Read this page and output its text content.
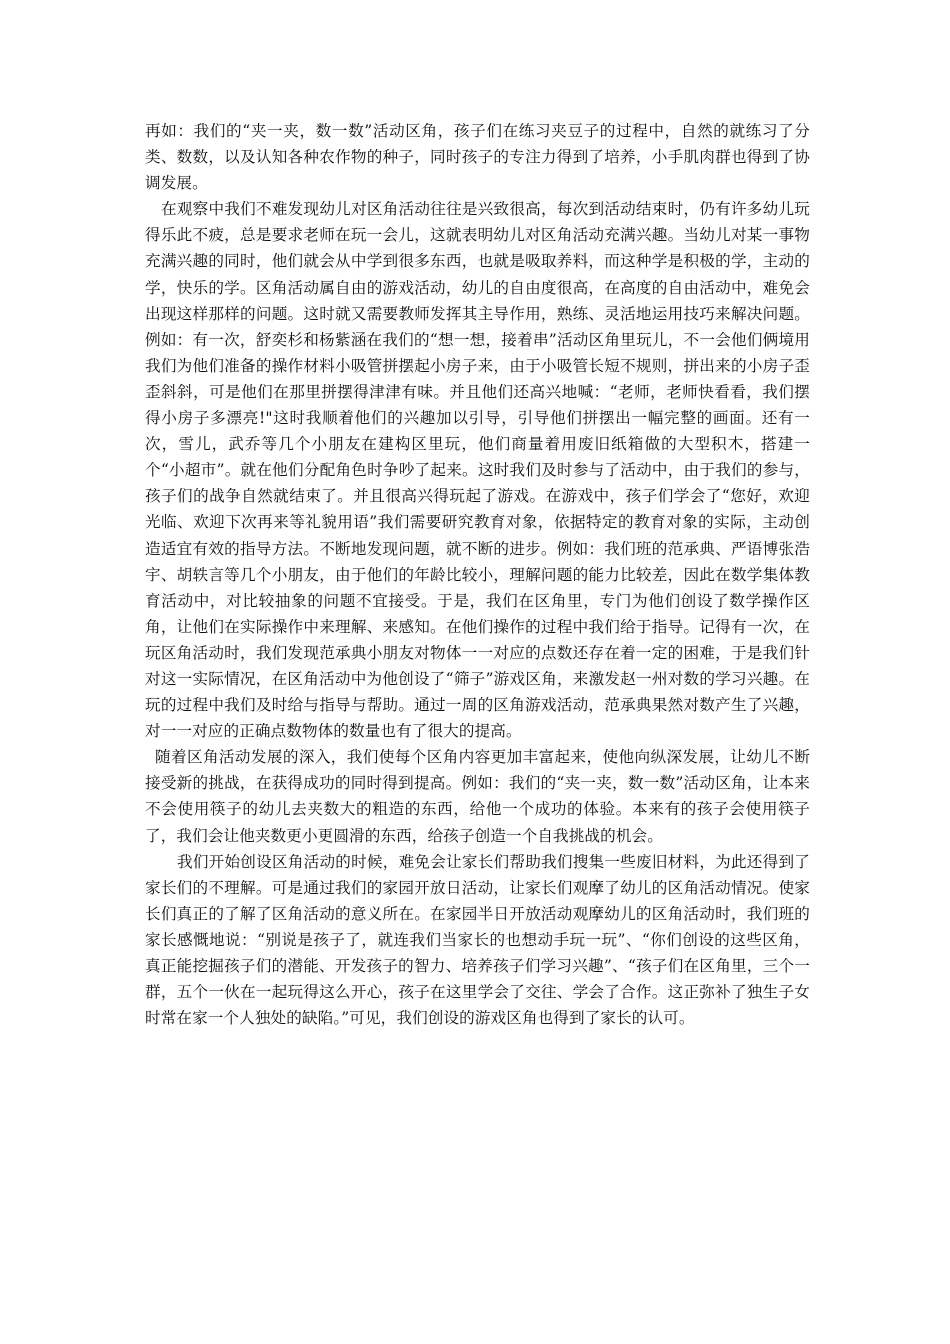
再如：我们的“夹一夹，数一数”活动区角，孩子们在练习夹豆子的过程中，自然的就练习了分类、数数，以及认知各种农作物的种子，同时孩子的专注力得到了培养，小手肌肉群也得到了协调发展。

在观察中我们不难发现幼儿对区角活动往往是兴致很高，每次到活动结束时，仍有许多幼儿玩得乐此不疲，总是要求老师在玩一会儿，这就表明幼儿对区角活动充满兴趣。当幼儿对某一事物充满兴趣的同时，他们就会从中学到很多东西，也就是吸取养料，而这种学是积极的学，主动的学，快乐的学。区角活动属自由的游戏活动，幼儿的自由度很高，在高度的自由活动中，难免会出现这样那样的问题。这时就又需要教师发挥其主导作用，熟练、灵活地运用技巧来解决问题。例如：有一次，舒奕杉和杨紫涵在我们的“想一想，接着串”活动区角里玩儿，不一会他们俩境用我们为他们准备的操作材料小吸管拼摆起小房子来，由于小吸管长短不规则，拼出来的小房子歪歪斜斜，可是他们在那里拼摆得津津有味。并且他们还高兴地喊：“老师，老师快看看，我们摆得小房子多漂亮!"这时我顺着他们的兴趣加以引导，引导他们拼摆出一幅完整的画面。还有一次，雪儿，武乔等几个小朋友在建构区里玩，他们商量着用废旧纸箱做的大型积木，搭建一个“小超市”。就在他们分配角色时争吵了起来。这时我们及时参与了活动中，由于我们的参与，孩子们的战争自然就结束了。并且很高兴得玩起了游戏。在游戏中，孩子们学会了“您好，欢迎光临、欢迎下次再来等礼貌用语”我们需要研究教育对象，依据特定的教育对象的实际，主动创造适宜有效的指导方法。不断地发现问题，就不断的进步。例如：我们班的范承典、严语博张浩宇、胡轶言等几个小朋友，由于他们的年龄比较小，理解问题的能力比较差，因此在数学集体教育活动中，对比较抽象的问题不宜接受。于是，我们在区角里，专门为他们创设了数学操作区角，让他们在实际操作中来理解、来感知。在他们操作的过程中我们给于指导。记得有一次，在玩区角活动时，我们发现范承典小朋友对物体一一对应的点数还存在着一定的困难，于是我们针对这一实际情况，在区角活动中为他创设了“筛子”游戏区角，来激发赵一州对数的学习兴趣。在玩的过程中我们及时给与指导与帮助。通过一周的区角游戏活动，范承典果然对数产生了兴趣，对一一对应的正确点数物体的数量也有了很大的提高。

随着区角活动发展的深入，我们使每个区角内容更加丰富起来，使他向纵深发展，让幼儿不断接受新的挑战，在获得成功的同时得到提高。例如：我们的“夹一夹，数一数”活动区角，让本来不会使用筷子的幼儿去夹数大的粗造的东西，给他一个成功的体验。本来有的孩子会使用筷子了，我们会让他夹数更小更圆滑的东西，给孩子创造一个自我挑战的机会。

我们开始创设区角活动的时候，难免会让家长们帮助我们搜集一些废旧材料，为此还得到了家长们的不理解。可是通过我们的家园开放日活动，让家长们观摩了幼儿的区角活动情况。使家长们真正的了解了区角活动的意义所在。在家园半日开放活动观摩幼儿的区角活动时，我们班的家长感慨地说：“别说是孩子了，就连我们当家长的也想动手玩一玩”、“你们创设的这些区角，真正能挖掘孩子们的潜能、开发孩子的智力、培养孩子们学习兴趣”、“孩子们在区角里，三个一群，五个一伙在一起玩得这么开心，孩子在这里学会了交往、学会了合作。这正弥补了独生子女时常在家一个人独处的缺陷。”可见，我们创设的游戏区角也得到了家长的认可。
